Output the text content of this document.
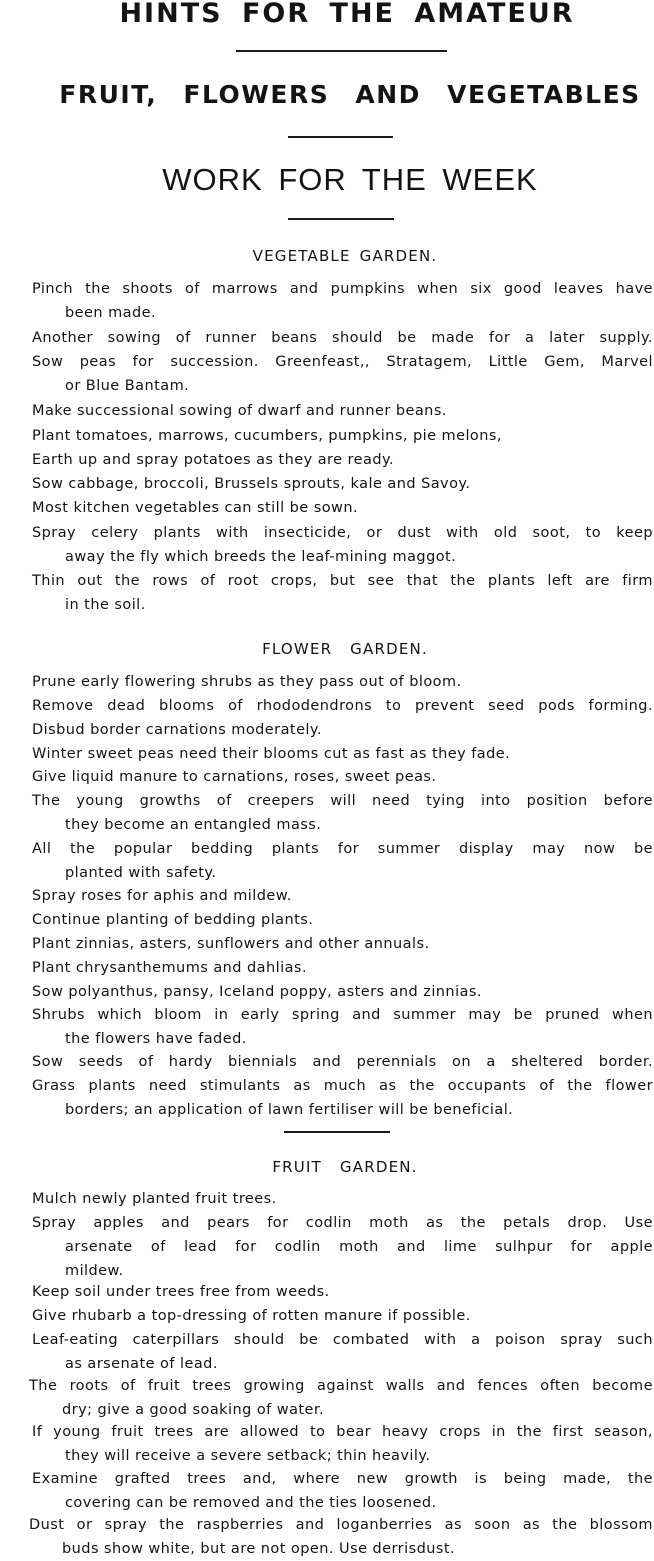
HINTS FOR THE AMATEUR
FRUIT, FLOWERS AND VEGETABLES
WORK FOR THE WEEK
VEGETABLE GARDEN.
Pinch the shoots of marrows and pumpkins when six good leaves have
been made.
Another sowing of runner beans should be made for a later supply.
Sow peas for succession. Greenfeast,, Stratagem, Little Gem, Marvel
or Blue Bantam.
Make successional sowing of dwarf and runner beans.
Plant tomatoes, marrows, cucumbers, pumpkins, pie melons,
Earth up and spray potatoes as they are ready.
Sow cabbage, broccoli, Brussels sprouts, kale and Savoy.
Most kitchen vegetables can still be sown.
Spray celery plants with insecticide, or dust with old soot, to keep
away the fly which breeds the leaf-mining maggot.
Thin out the rows of root crops, but see that the plants left are firm
in the soil.
FLOWER  GARDEN.
Prune early flowering shrubs as they pass out of bloom.
Remove dead blooms of rhododendrons to prevent seed pods forming.
Disbud border carnations moderately.
Winter sweet peas need their blooms cut as fast as they fade.
Give liquid manure to carnations, roses, sweet peas.
The young growths of creepers will need tying into position before
they become an entangled mass.
All the popular bedding plants for summer display may now be
planted with safety.
Spray roses for aphis and mildew.
Continue planting of bedding plants.
Plant zinnias, asters, sunflowers and other annuals.
Plant chrysanthemums and dahlias.
Sow polyanthus, pansy, Iceland poppy, asters and zinnias.
Shrubs which bloom in early spring and summer may be pruned when
the flowers have faded.
Sow seeds of hardy biennials and perennials on a sheltered border.
Grass plants need stimulants as much as the occupants of the flower
borders; an application of lawn fertiliser will be beneficial.
FRUIT  GARDEN.
Mulch newly planted fruit trees.
Spray apples and pears for codlin moth as the petals drop. Use
arsenate of lead for codlin moth and lime sulhpur for apple
mildew.
Keep soil under trees free from weeds.
Give rhubarb a top-dressing of rotten manure if possible.
Leaf-eating caterpillars should be combated with a poison spray such
as arsenate of lead.
The roots of fruit trees growing against walls and fences often become
dry; give a good soaking of water.
If young fruit trees are allowed to bear heavy crops in the first season,
they will receive a severe setback; thin heavily.
Examine grafted trees and, where new growth is being made, the
covering can be removed and the ties loosened.
Dust or spray the raspberries and loganberries as soon as the blossom
buds show white, but are not open. Use derrisdust.
